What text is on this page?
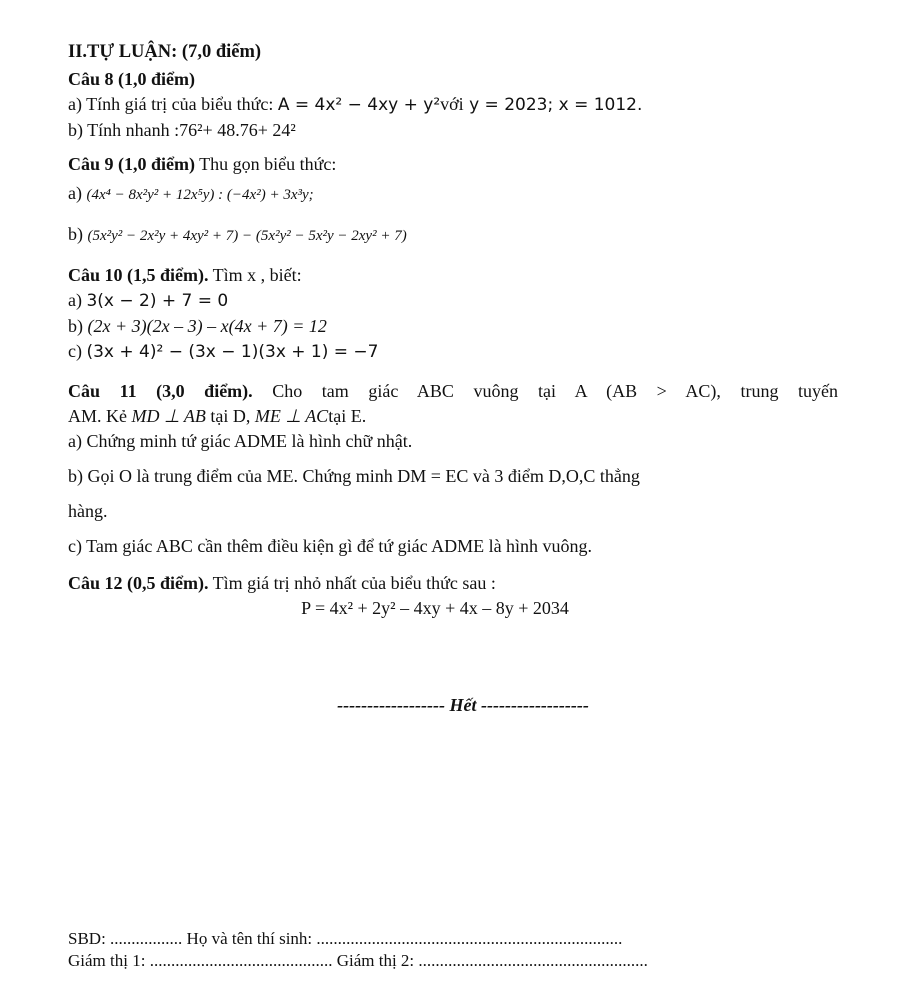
II.TỰ LUẬN: (7,0 điểm)
Câu 8 (1,0 điểm)
a) Tính giá trị của biểu thức: A = 4x² − 4xy + y²với y = 2023; x = 1012.
b) Tính nhanh :76²+ 48.76+ 24²
Câu 9 (1,0 điểm) Thu gọn biểu thức:
a) (4x⁴ − 8x²y² + 12x⁵y) : (−4x²) + 3x³y;
b) (5x²y² − 2x²y + 4xy² + 7) − (5x²y² − 5x²y − 2xy² + 7)
Câu 10 (1,5 điểm). Tìm x , biết:
a) 3(x − 2) + 7 = 0
b) (2x + 3)(2x – 3) – x(4x + 7) = 12
c) (3x + 4)² − (3x − 1)(3x + 1) = −7
Câu 11 (3,0 điểm). Cho tam giác ABC vuông tại A (AB > AC), trung tuyến
AM. Kẻ MD ⊥ AB tại D, ME ⊥ ACtại E.
a) Chứng minh tứ giác ADME là hình chữ nhật.
b) Gọi O là trung điểm của ME. Chứng minh DM = EC và 3 điểm D,O,C thẳng
hàng.
c) Tam giác ABC cần thêm điều kiện gì để tứ giác ADME là hình vuông.
Câu 12 (0,5 điểm). Tìm giá trị nhỏ nhất của biểu thức sau :
P = 4x² + 2y² – 4xy + 4x – 8y + 2034
------------------ Hết ------------------
SBD: ................. Họ và tên thí sinh: ........................................................................
Giám thị 1: ........................................... Giám thị 2: ......................................................
